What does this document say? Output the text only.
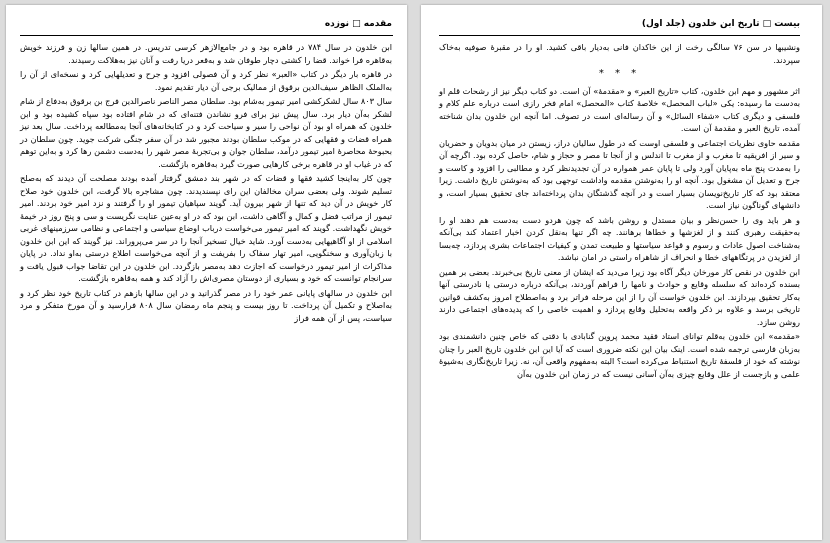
مقدمه □ نوزده

ابن خلدون در سال ۷۸۴ در قاهره بود و در جامع‌الازهر کرسی تدریس. در همین سالها زن و فرزند خویش به‌قاهره فرا خواند. قضا را کشتی دچار طوفان شد و به‌قعر دریا رفت و آنان نیز به‌هلاکت رسیدند.

در قاهره بار دیگر در کتاب «العبر» نظر کرد و آن فصولی افزود و جرح و تعدیلهایی کرد و نسخه‌ای از آن را به‌الملک الظاهر سیف‌الدین برقوق از ممالیک برجی آن دیار تقدیم نمود.

سال ۸۰۳ سال لشکرکشی امیر تیمور به‌شام بود. سلطان مصر الناصر ناصرالدین فرج بن برقوق به‌دفاع از شام لشکر به‌آن دیار برد. سال پیش نیز برای فرو نشاندن فتنه‌ای که در شام افتاده بود سپاه کشیده بود و ابن خلدون که همراه او بود آن نواحی را سیر و سیاحت کرد و در کتابخانه‌های آنجا به‌مطالعه پرداخت. سال بعد نیز همراه قضات و فقهایی که در موکب سلطان بودند مجبور شد در آن سفر جنگی شرکت جوید. چون سلطان در بحبوحهٔ محاصرهٔ امیر تیمور درآمد، سلطان جوان و بی‌تجربهٔ مصر شهر را به‌دست دشمن رها کرد و به‌این توهم که در غیاب او در قاهره برخی کارهایی صورت گیرد به‌قاهره بازگشت.

چون کار به‌اینجا کشید فقها و قضات که در شهر بند دمشق گرفتار آمده بودند مصلحت آن دیدند که به‌صلح تسلیم شوند. ولی بعضی سران مخالفان این رای نپسندیدند. چون مشاجره بالا گرفت، ابن خلدون خود صلاح کار خویش در آن دید که تنها از شهر بیرون آید. گویند سپاهیان تیمور او را گرفتند و نزد امیر خود بردند. امیر تیمور از مراتب فضل و کمال و آگاهی داشت، ابن بود که در او به‌عین عنایت نگریست و سی و پنج روز در خیمهٔ خویش نگهداشت. گویند که امیر تیمور می‌خواست درباب اوضاع سیاسی و اجتماعی و نظامی سرزمینهای غربی اسلامی از او آگاهیهایی به‌دست آورد. شاید خیال تسخیر آنجا را در سر می‌پروراند. نیز گویند که این ابن خلدون با زبان‌آوری و سخنگویی، امیر تهار سفاک را بفریفت و از آنچه می‌خواست اطلاع درستی به‌او نداد. در پایان مذاکرات از امیر تیمور درخواست که اجازت دهد به‌مصر بازگردد. ابن خلدون در این تقاضا جواب قبول یافت و سرانجام توانست که خود و بسیاری از دوستان مصری‌اش را آزاد کند و همه به‌قاهره بازگشت.

ابن خلدون در سالهای پایانی عمر خود را در مصر گذرانید و در این سالها بازهم در کتاب تاریخ خود نظر کرد و به‌اصلاح و تکمیل آن پرداخت. تا روز بیست و پنجم ماه رمضان سال ۸۰۸ فرارسید و آن مورخ متفکر و مرد سیاست، پس از آن همه فراز

بیست □ تاریخ ابن خلدون (جلد اول)

ونشیبها در سن ۷۶ سالگی رخت از این خاکدان فانی به‌دیار باقی کشید. او را در مقبرهٔ صوفیه به‌خاک سپردند.

* * *

اثر مشهور و مهم ابن خلدون، کتاب «تاریخ العبر» و «مقدمهٔ» آن است. دو کتاب دیگر نیز از رشحات قلم او به‌دست ما رسیده: یکی «لباب المحصل» خلاصهٔ کتاب «المحصل» امام فخر رازی است درباره علم کلام و فلسفی و دیگری کتاب «شفاء السائل» و آن رساله‌ای است در تصوف. اما آنچه ابن خلدون بدان شناخته آمده، تاریخ العبر و مقدمهٔ آن است.

مقدمه حاوی نظریات اجتماعی و فلسفی اوست که در طول سالیان دراز، زیستن در میان بدویان و حضریان و سیر از افریقیه تا مغرب و از مغرب تا اندلس و از آنجا تا مصر و حجاز و شام، حاصل کرده بود. اگرچه آن را به‌مدت پنج ماه به‌پایان آورد ولی تا پایان عمر همواره در آن تجدیدنظر کرد و مطالبی را افزود و کاست و جرح و تعدیل آن مشغول بود. آنچه او را به‌نوشتن مقدمه واداشت توجهی بود که به‌نوشتن تاریخ داشت. زیرا معتقد بود که کار تاریخ‌نویسان بسیار است و در آنچه گذشتگان بدان پرداخته‌اند جای تحقیق بسیار است، و دانشهای گوناگون نیاز است.

و هر باید وی را حسن‌نظر و بیان مستدل و روشن باشد که چون هردو دست به‌دست هم دهند او را به‌حقیقت رهبری کنند و از لغزشها و خطاها برهانند. چه اگر تنها به‌نقل کردن اخبار اعتماد کند بی‌آنکه به‌شناخت اصول عادات و رسوم و قواعد سیاستها و طبیعت تمدن و کیفیات اجتماعات بشری پردازد، چه‌بسا از لغزیدن در پرتگاههای خطا و انحراف از شاهراه راستی در امان نباشد.

ابن خلدون در نقص کار مورخان دیگر آگاه بود زیرا می‌دید که ایشان از معنی تاریخ بی‌خبرند. بعضی ‌بر همین بسنده کرده‌اند که سلسله وقایع و حوادث و نامها را فراهم آوردند، بی‌آنکه درباره درستی یا نادرستی آنها به‌کار تحقیق بپردازند. ابن خلدون خواست آن را از این مرحله فراتر برد و به‌اصطلاح امروز به‌کشف قوانین تاریخی برسد و علاوه بر ذکر واقعه به‌تحلیل وقایع پردازد و اهمیت خاصی را که پدیده‌های اجتماعی دارند روشن سازد.

«مقدمه» ابن خلدون به‌قلم توانای استاد فقید محمد پروین گنابادی با دقتی که خاص چنین دانشمندی بود به‌زبان فارسی ترجمه شده است. اینک بیان این نکته ضروری است که آیا این ابن خلدون تاریخ العبر را چنان نوشته که خود از فلسفهٔ تاریخ استنباط می‌کرده است؟ البته به‌مفهوم واقعی آن، نه. زیرا تاریخ‌نگاری به‌شیوهٔ علمی و بازجست از علل وقایع چیزی به‌آن آسانی نیست که در زمان ابن خلدون به‌آن
